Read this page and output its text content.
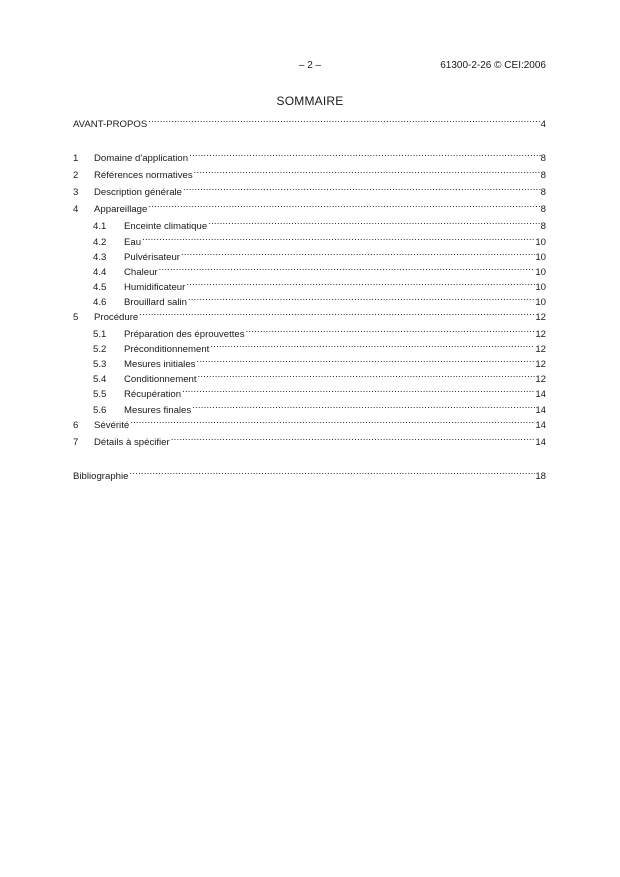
– 2 –	61300-2-26 © CEI:2006
SOMMAIRE
AVANT-PROPOS .....	4
1	Domaine d'application .....	8
2	Références normatives .....	8
3	Description générale .....	8
4	Appareillage .....	8
4.1	Enceinte climatique .....	8
4.2	Eau .....	10
4.3	Pulvérisateur .....	10
4.4	Chaleur .....	10
4.5	Humidificateur .....	10
4.6	Brouillard salin .....	10
5	Procédure .....	12
5.1	Préparation des éprouvettes .....	12
5.2	Préconditionnement .....	12
5.3	Mesures initiales .....	12
5.4	Conditionnement .....	12
5.5	Récupération .....	14
5.6	Mesures finales .....	14
6	Sévérité .....	14
7	Détails à spécifier .....	14
Bibliographie .....	18
